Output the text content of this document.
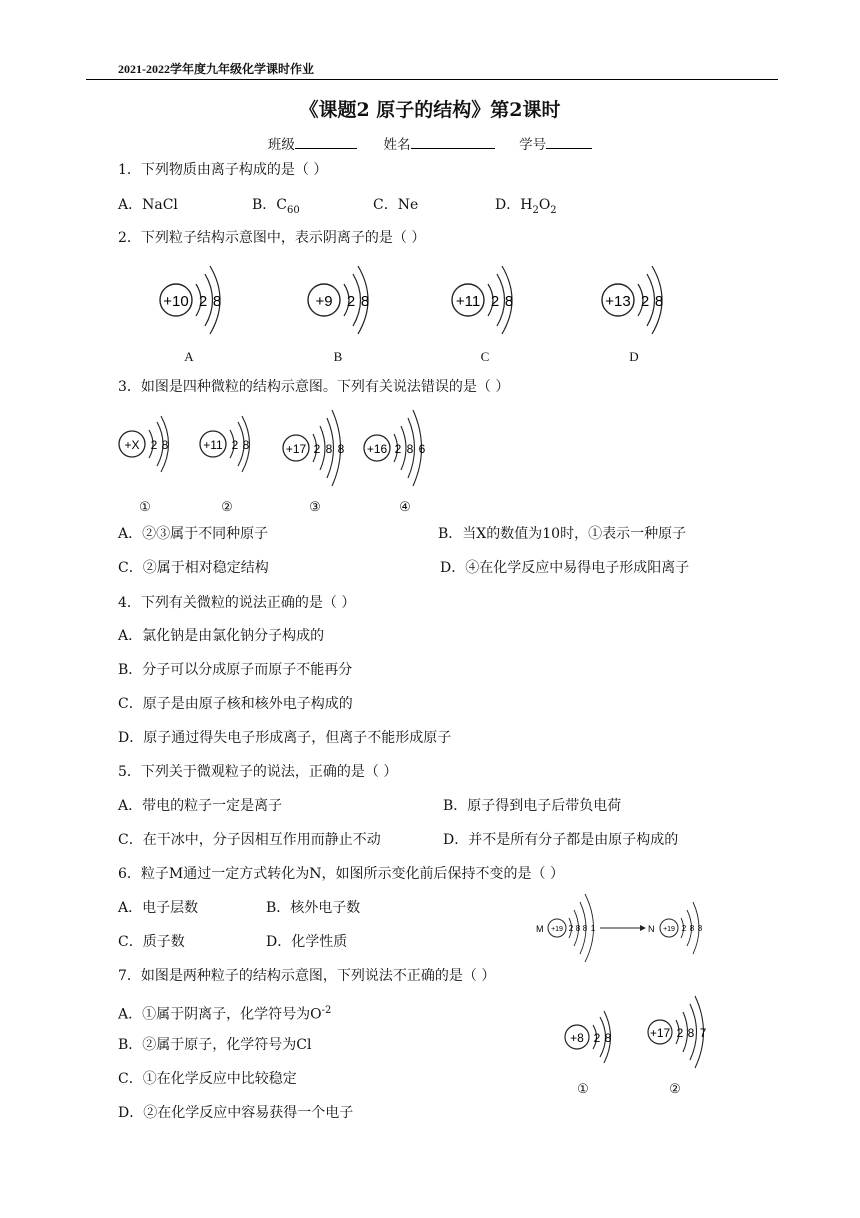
2021-2022学年度九年级化学课时作业
《课题2 原子的结构》第2课时
班级	姓名	学号
1．下列物质由离子构成的是（ ）
A．NaCl	B．$C_{60}$	C．Ne	D．$H_2O_2$
2．下列粒子结构示意图中，表示阴离子的是（ ）
+10 2 8	+9 2 8	+11 2 8	+13 2 8
A	B	C	D
3．如图是四种微粒的结构示意图。下列有关说法错误的是（ ）
+X 2 8	+11 2 8	+17 2 8 8 +16 2 8 6
①	②	③	④
A．②③属于不同种原子	B．当X的数值为10时，①表示一种原子
C．②属于相对稳定结构	D．④在化学反应中易得电子形成阳离子
4．下列有关微粒的说法正确的是（ ）
A．氯化钠是由氯化钠分子构成的
B．分子可以分成原子而原子不能再分
C．原子是由原子核和核外电子构成的
D．原子通过得失电子形成离子，但离子不能形成原子
5．下列关于微观粒子的说法，正确的是（ ）
A．带电的粒子一定是离子	B．原子得到电子后带负电荷
C．在干冰中，分子因相互作用而静止不动	D．并不是所有分子都是由原子构成的
6．粒子M通过一定方式转化为N，如图所示变化前后保持不变的是（ ）
A．电子层数	B．核外电子数
C．质子数	D．化学性质
M +19 2 8 8 1	N +19 2 8 8
7．如图是两种粒子的结构示意图，下列说法不正确的是（ ）
A．①属于阴离子，化学符号为$O^{-2}$
B．②属于原子，化学符号为Cl
C．①在化学反应中比较稳定
D．②在化学反应中容易获得一个电子
+8 2 8	+17 2 8 7
①	②
